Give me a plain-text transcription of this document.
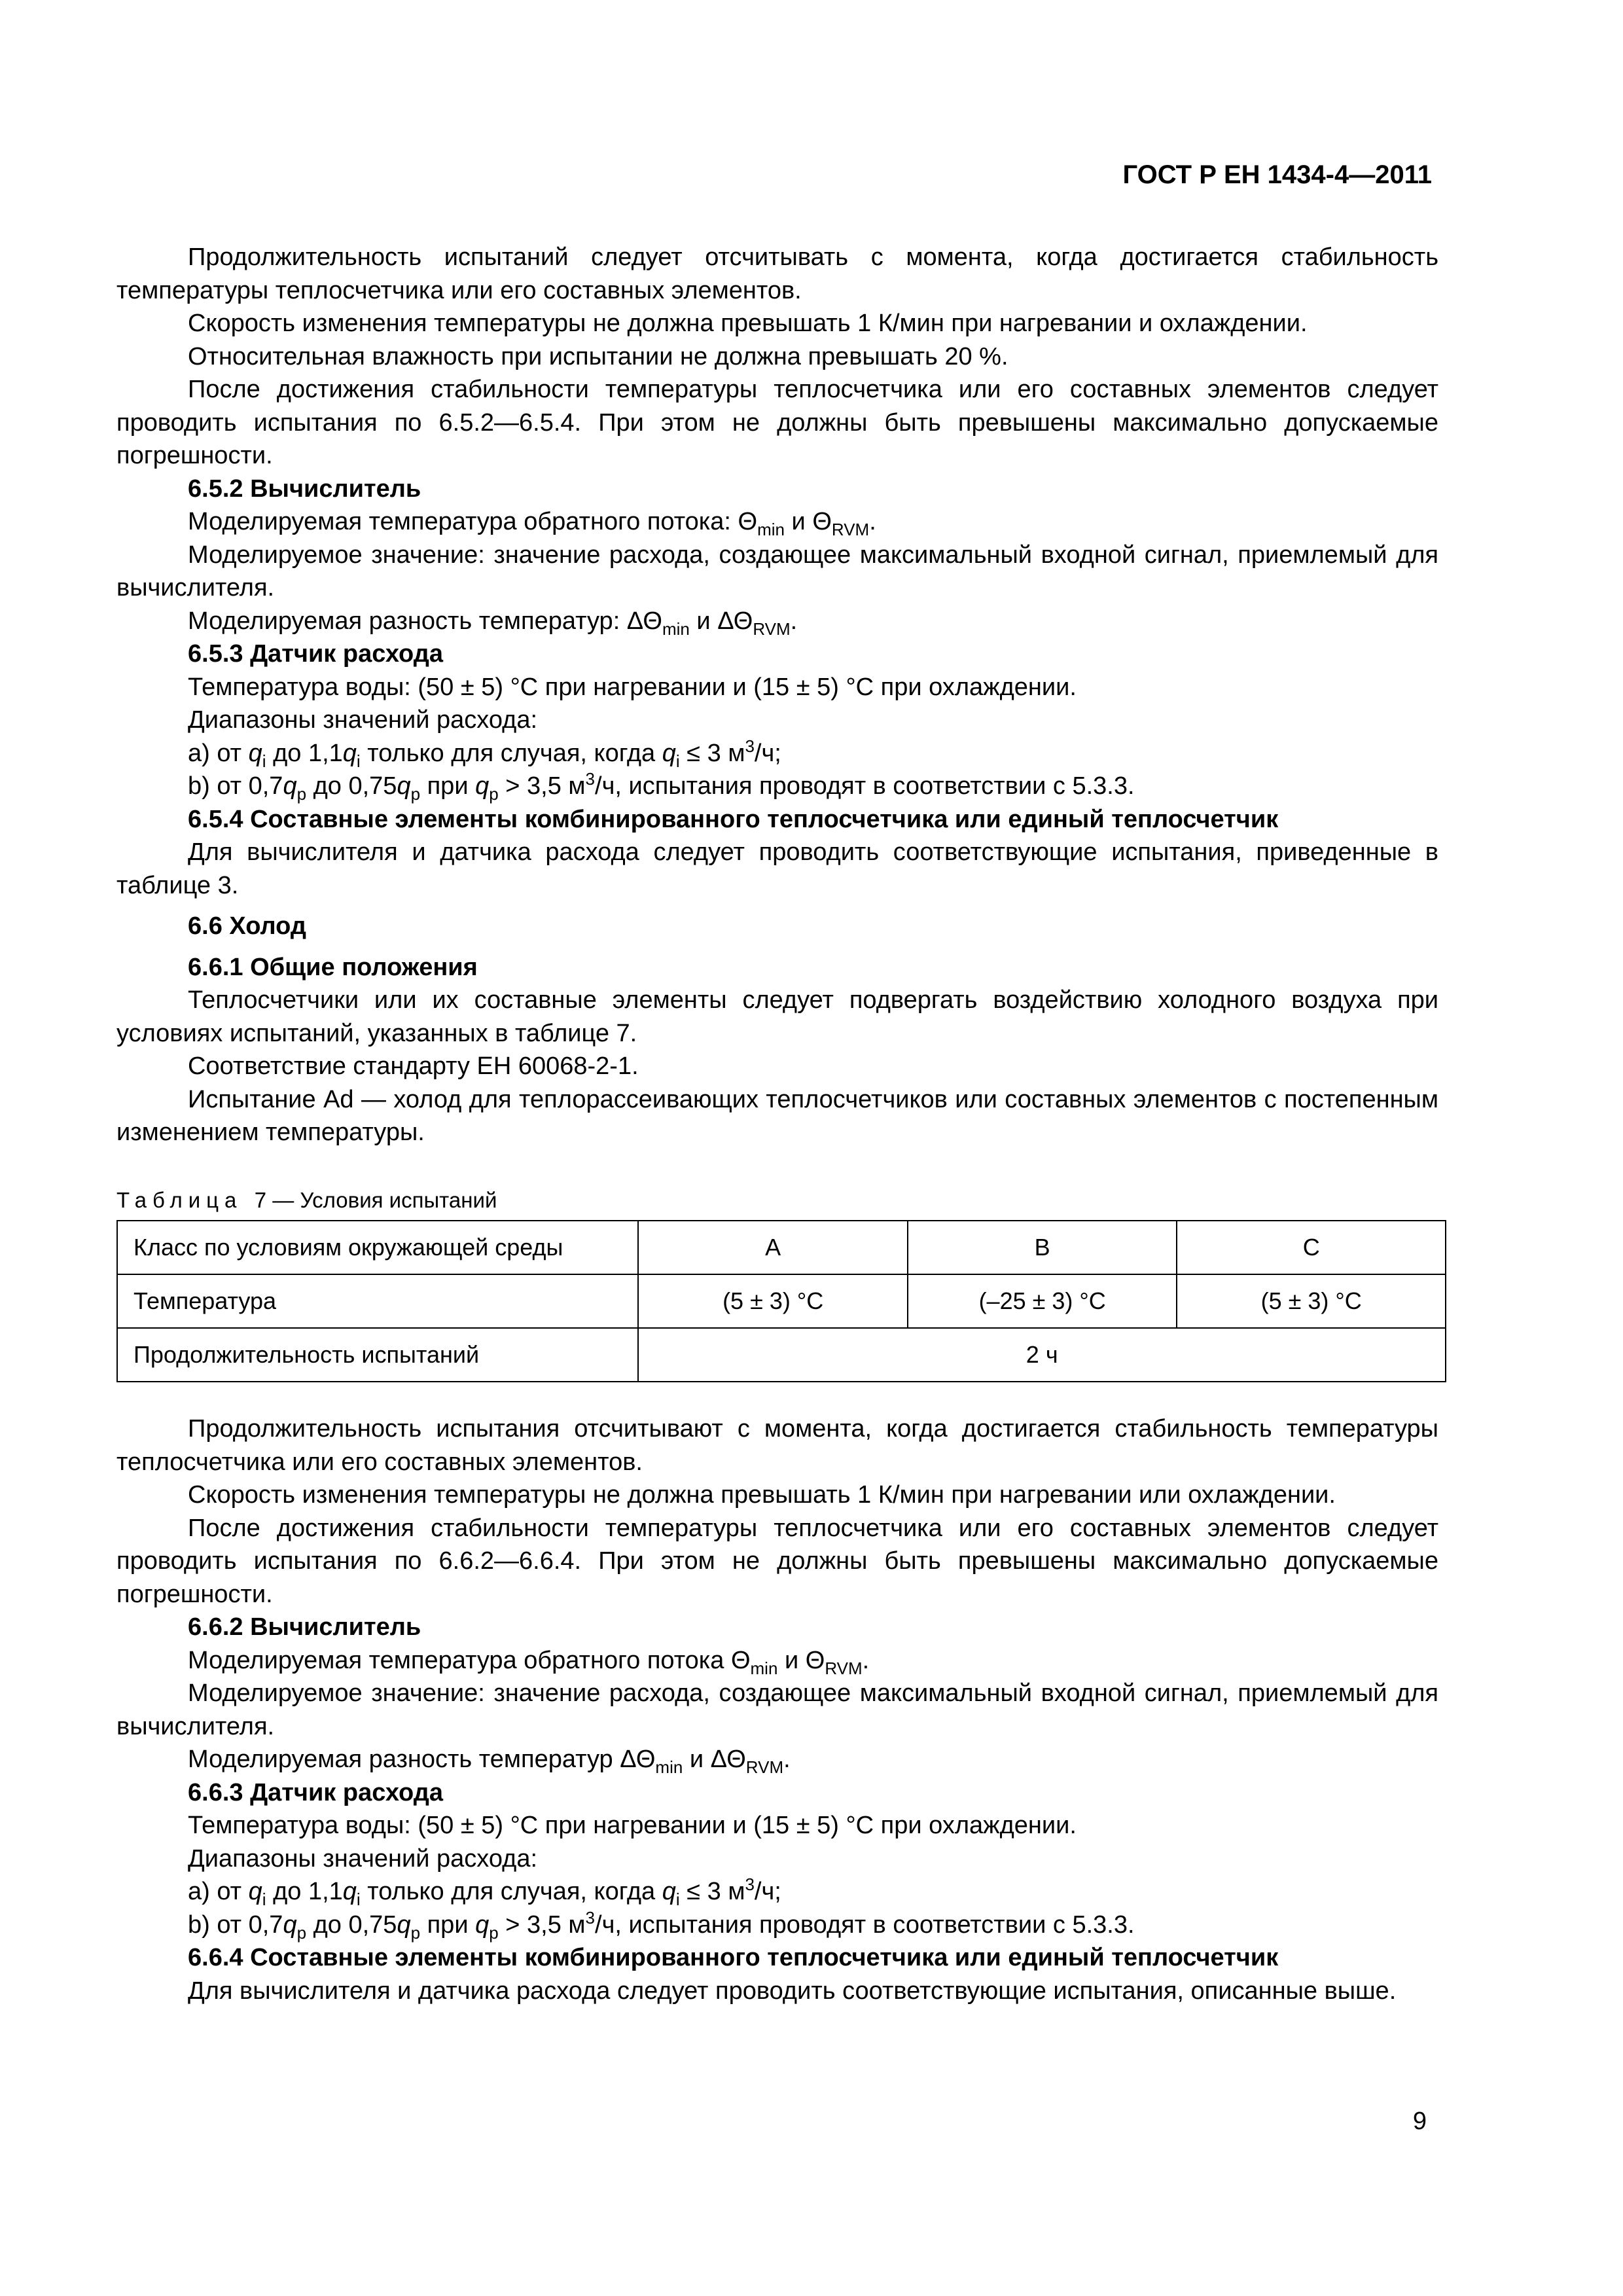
ГОСТ Р ЕН 1434-4—2011

Продолжительность испытаний следует отсчитывать с момента, когда достигается стабильность температуры теплосчетчика или его составных элементов.

Скорость изменения температуры не должна превышать 1 К/мин при нагревании и охлаждении.

Относительная влажность при испытании не должна превышать 20 %.

После достижения стабильности температуры теплосчетчика или его составных элементов следует проводить испытания по 6.5.2—6.5.4. При этом не должны быть превышены максимально допускаемые погрешности.

6.5.2 Вычислитель

Моделируемая температура обратного потока: $\Theta_{min}$ и $\Theta_{RVM}$.

Моделируемое значение: значение расхода, создающее максимальный входной сигнал, приемлемый для вычислителя.

Моделируемая разность температур: $\Delta\Theta_{min}$ и $\Delta\Theta_{RVM}$.

6.5.3 Датчик расхода

Температура воды: (50 ± 5) °C при нагревании и (15 ± 5) °C при охлаждении.

Диапазоны значений расхода:

a) от $q_i$ до $1,1q_i$ только для случая, когда $q_i \le 3$ $м^3/ч$;

b) от $0,7q_p$ до $0,75q_p$ при $q_p > 3,5$ $м^3/ч$, испытания проводят в соответствии с 5.3.3.

6.5.4 Составные элементы комбинированного теплосчетчика или единый теплосчетчик

Для вычислителя и датчика расхода следует проводить соответствующие испытания, приведенные в таблице 3.

6.6 Холод

6.6.1 Общие положения

Теплосчетчики или их составные элементы следует подвергать воздействию холодного воздуха при условиях испытаний, указанных в таблице 7.

Соответствие стандарту ЕН 60068-2-1.

Испытание Ad — холод для теплорассеивающих теплосчетчиков или составных элементов с постепенным изменением температуры.

Таблица 7 — Условия испытаний

Класс по условиям окружающей среды	A	B	C
Температура	(5 ± 3) °C	(–25 ± 3) °C	(5 ± 3) °C
Продолжительность испытаний	2 ч		

Продолжительность испытания отсчитывают с момента, когда достигается стабильность температуры теплосчетчика или его составных элементов.

Скорость изменения температуры не должна превышать 1 К/мин при нагревании или охлаждении.

После достижения стабильности температуры теплосчетчика или его составных элементов следует проводить испытания по 6.6.2—6.6.4. При этом не должны быть превышены максимально допускаемые погрешности.

6.6.2 Вычислитель

Моделируемая температура обратного потока $\Theta_{min}$ и $\Theta_{RVM}$.

Моделируемое значение: значение расхода, создающее максимальный входной сигнал, приемлемый для вычислителя.

Моделируемая разность температур $\Delta\Theta_{min}$ и $\Delta\Theta_{RVM}$.

6.6.3 Датчик расхода

Температура воды: (50 ± 5) °C при нагревании и (15 ± 5) °C при охлаждении.

Диапазоны значений расхода:

a) от $q_i$ до $1,1q_i$ только для случая, когда $q_i \le 3$ $м^3/ч$;

b) от $0,7q_p$ до $0,75q_p$ при $q_p > 3,5$ $м^3/ч$, испытания проводят в соответствии с 5.3.3.

6.6.4 Составные элементы комбинированного теплосчетчика или единый теплосчетчик

Для вычислителя и датчика расхода следует проводить соответствующие испытания, описанные выше.

9
